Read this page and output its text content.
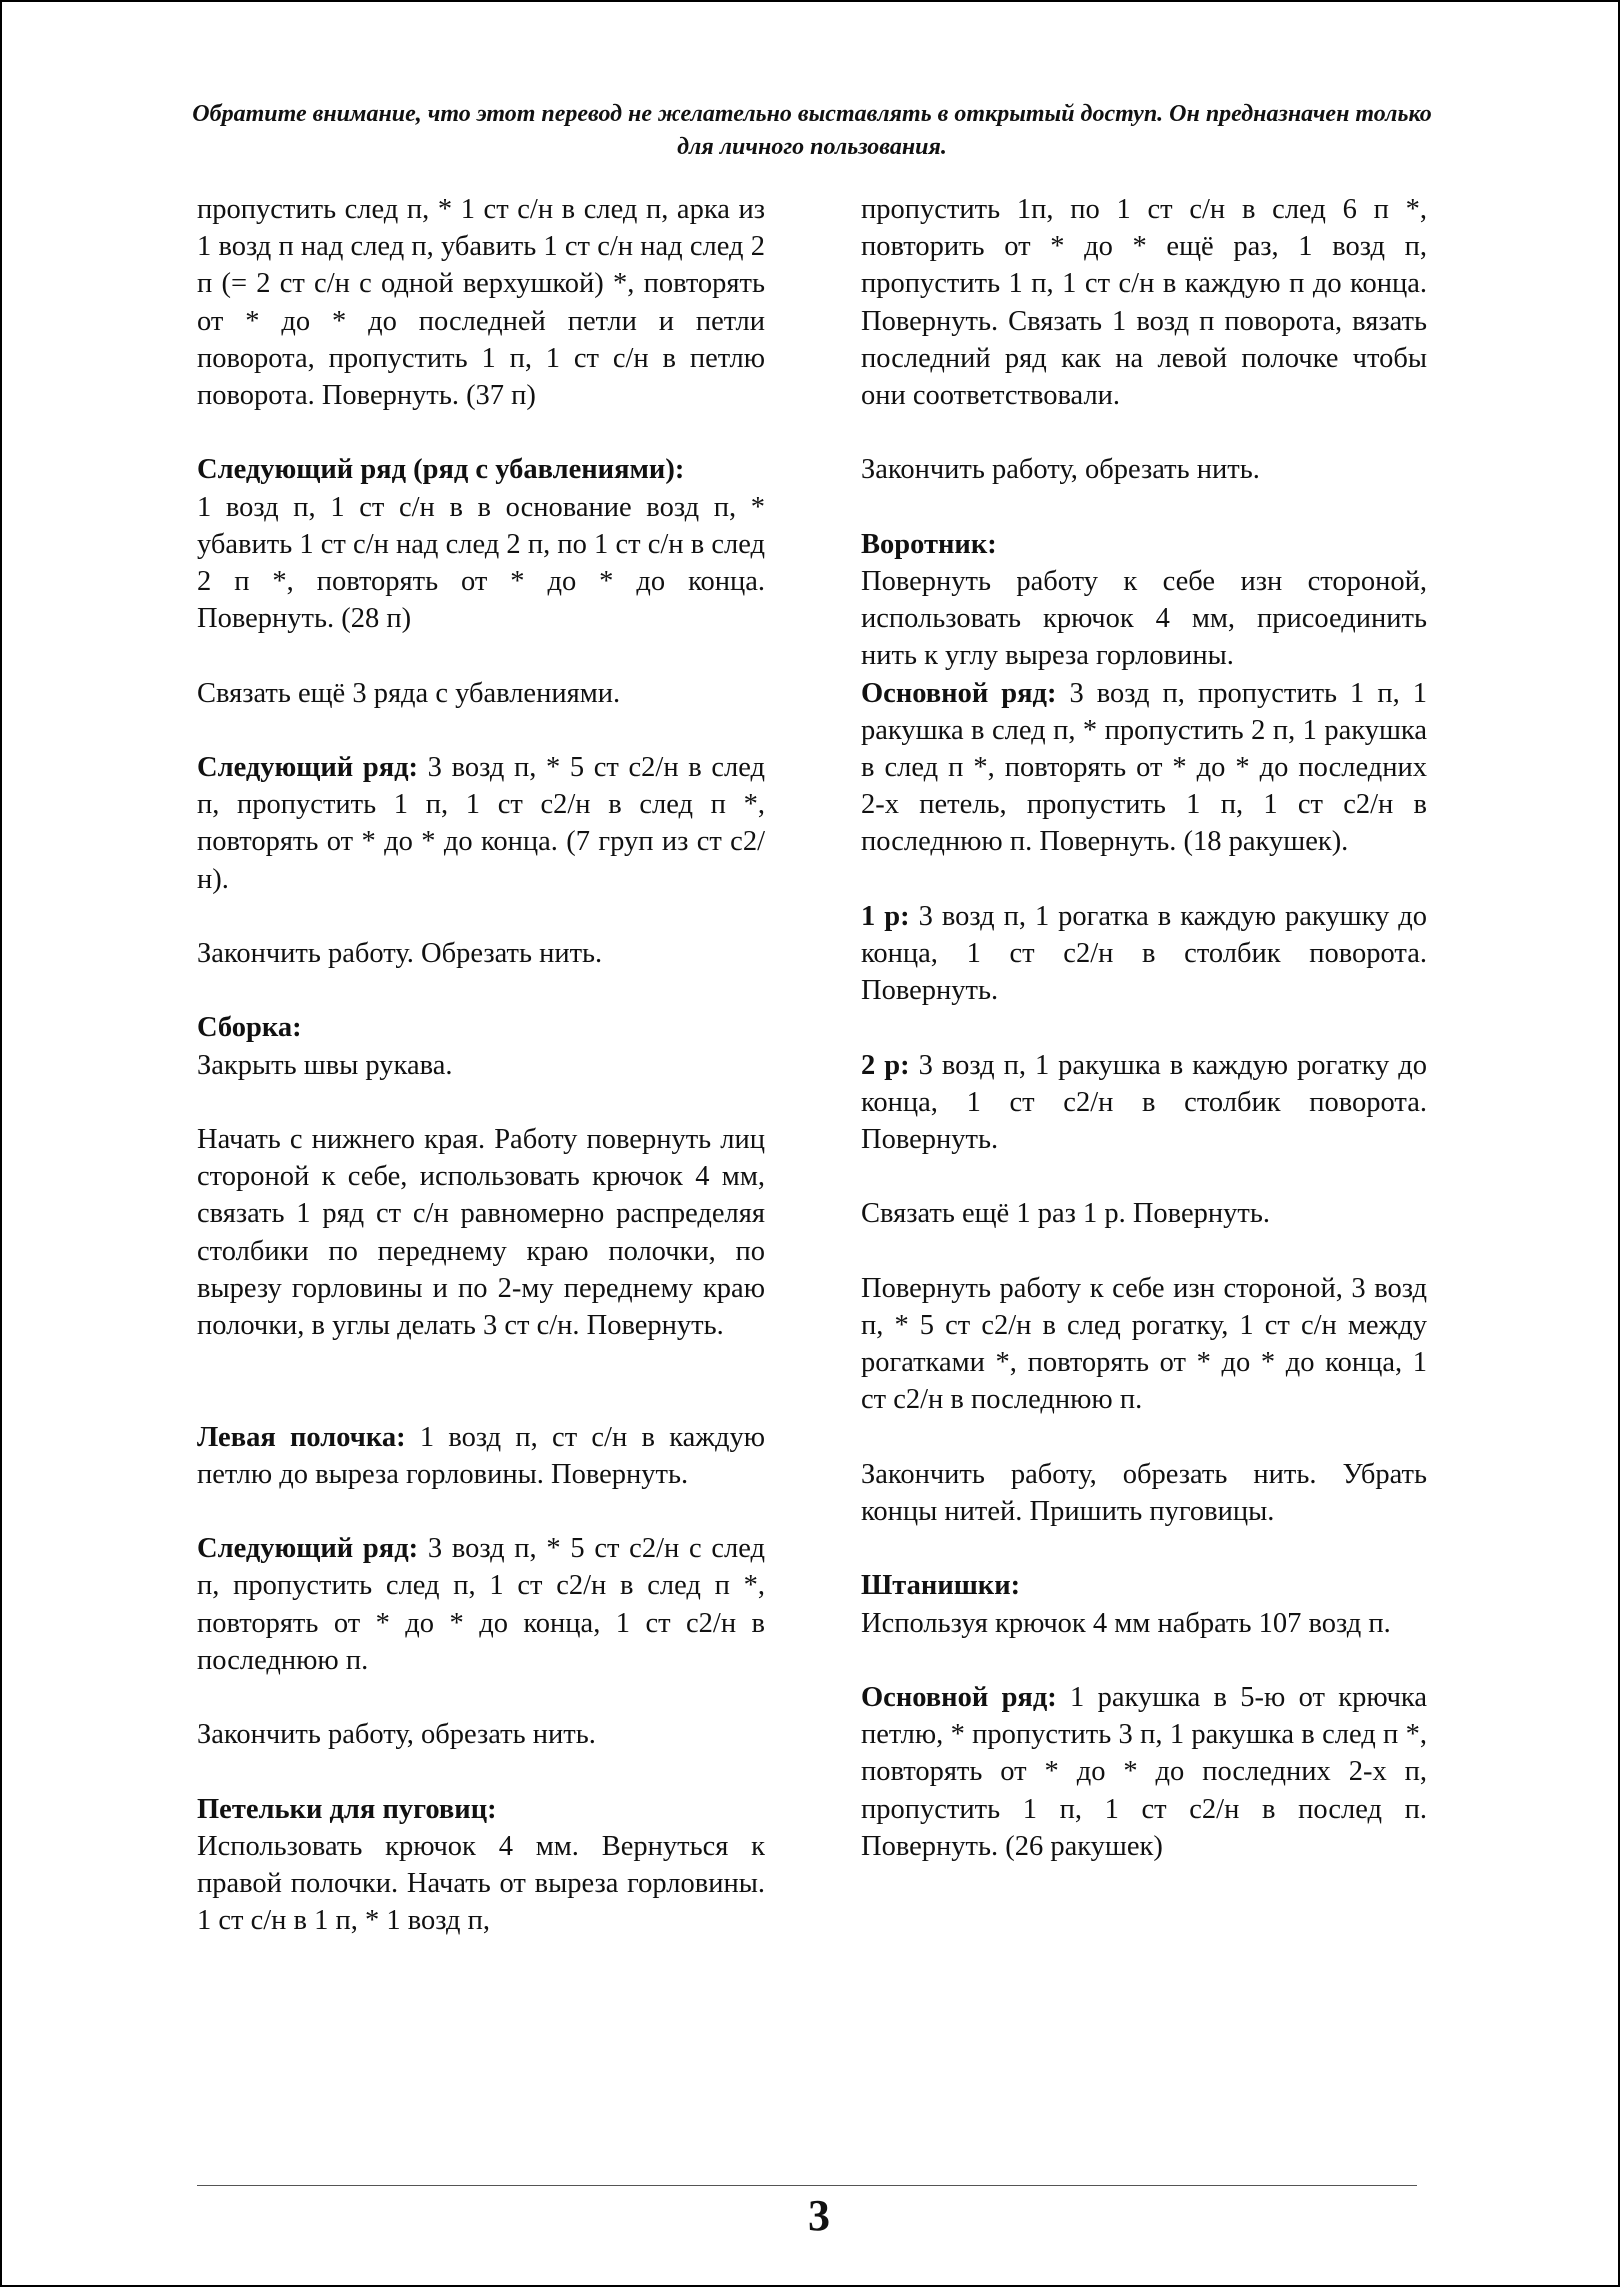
Обратите внимание, что этот перевод не желательно выставлять в открытый доступ. Он предназначен только для личного пользования.

пропустить след п, * 1 ст с/н в след п, арка из 1 возд п над след п, убавить 1 ст с/н над след 2 п (= 2 ст с/н с одной верхушкой) *, повторять от * до * до последней петли и петли поворота, пропустить 1 п, 1 ст с/н в петлю поворота. Повернуть. (37 п)

Следующий ряд (ряд с убавлениями):
1 возд п, 1 ст с/н в в основание возд п, * убавить 1 ст с/н над след 2 п, по 1 ст с/н в след 2 п *, повторять от * до * до конца. Повернуть. (28 п)

Связать ещё 3 ряда с убавлениями.

Следующий ряд: 3 возд п, * 5 ст с2/н в след п, пропустить 1 п, 1 ст с2/н в след п *, повторять от * до * до конца. (7 груп из ст с2/н).

Закончить работу. Обрезать нить.

Сборка:
Закрыть швы рукава.

Начать с нижнего края. Работу повернуть лиц стороной к себе, использовать крючок 4 мм, связать 1 ряд ст с/н равномерно распределяя столбики по переднему краю полочки, по вырезу горловины и по 2-му переднему краю полочки, в углы делать 3 ст с/н. Повернуть.

Левая полочка: 1 возд п, ст с/н в каждую петлю до выреза горловины. Повернуть.

Следующий ряд: 3 возд п, * 5 ст с2/н с след п, пропустить след п, 1 ст с2/н в след п *, повторять от * до * до конца, 1 ст с2/н в последнюю п.

Закончить работу, обрезать нить.

Петельки для пуговиц:
Использовать крючок 4 мм. Вернуться к правой полочки. Начать от выреза горловины. 1 ст с/н в 1 п, * 1 возд п,

пропустить 1п, по 1 ст с/н в след 6 п *, повторить от * до * ещё раз, 1 возд п, пропустить 1 п, 1 ст с/н в каждую п до конца. Повернуть. Связать 1 возд п поворота, вязать последний ряд как на левой полочке чтобы они соответствовали.

Закончить работу, обрезать нить.

Воротник:
Повернуть работу к себе изн стороной, использовать крючок 4 мм, присоединить нить к углу выреза горловины.

Основной ряд: 3 возд п, пропустить 1 п, 1 ракушка в след п, * пропустить 2 п, 1 ракушка в след п *, повторять от * до * до последних 2-х петель, пропустить 1 п, 1 ст с2/н в последнюю п. Повернуть. (18 ракушек).

1 р: 3 возд п, 1 рогатка в каждую ракушку до конца, 1 ст с2/н в столбик поворота. Повернуть.

2 р: 3 возд п, 1 ракушка в каждую рогатку до конца, 1 ст с2/н в столбик поворота. Повернуть.

Связать ещё 1 раз 1 р. Повернуть.

Повернуть работу к себе изн стороной, 3 возд п, * 5 ст с2/н в след рогатку, 1 ст с/н между рогатками *, повторять от * до * до конца, 1 ст с2/н в последнюю п.

Закончить работу, обрезать нить. Убрать концы нитей. Пришить пуговицы.

Штанишки:
Используя крючок 4 мм набрать 107 возд п.

Основной ряд: 1 ракушка в 5-ю от крючка петлю, * пропустить 3 п, 1 ракушка в след п *, повторять от * до * до последних 2-х п, пропустить 1 п, 1 ст с2/н в послед п. Повернуть. (26 ракушек)

3
